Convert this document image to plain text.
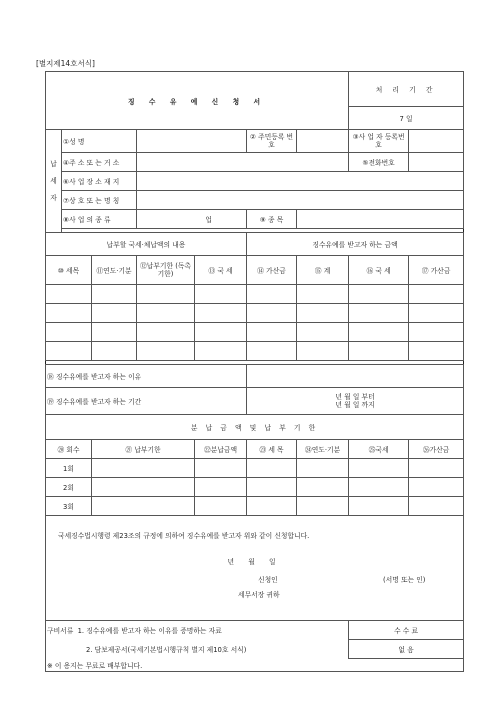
[별지제14호서식]
징 수 유 예 신 청 서							처 리 기 간	
							7 일	

납
세
자	①성 명				② 주민등록 번 호		③사 업 자 등록번호	
	④주 소 또 는 거 소						⑤전화번호	
	⑥사 업 장 소 재 지							
	⑦상 호 또 는 명 칭							
	⑧사 업 의 종 류		업		⑨ 종 목			

납부할 국세·체납액의 내용					징수유예를 받고자 하는 금액			
⑩ 세목		⑪연도·기분	⑫납부기한 (독촉기한)	⑬ 국 세	⑭ 가산금	⑮ 계	⑯ 국 세	⑰ 가산금

⑱ 징수유예를 받고자 하는 이유								
⑲ 징수유예를 받고자 하는 기간					년 월 일 부터
년 월 일 까지			

분 납 금 액 및 납 부 기 한								
⑳ 회수		㉑ 납부기한		㉒분납금액	㉓ 세 목	㉔연도·기분	㉕국세	㉖가산금
1회								
2회								
3회								

국세징수법시행령 제23조의 규정에 의하여 징수유예를 받고자 위와 같이 신청합니다.
년 월 일
신청인 (서명 또는 인)
세무서장 귀하								

구비서류 1. 징수유예를 받고자 하는 이유를 증명하는 자료							수 수 료	
2. 담보제공서(국세기본법시행규칙 별지 제10호 서식)							없 음	
※ 이 용지는 무료로 배부합니다.								
